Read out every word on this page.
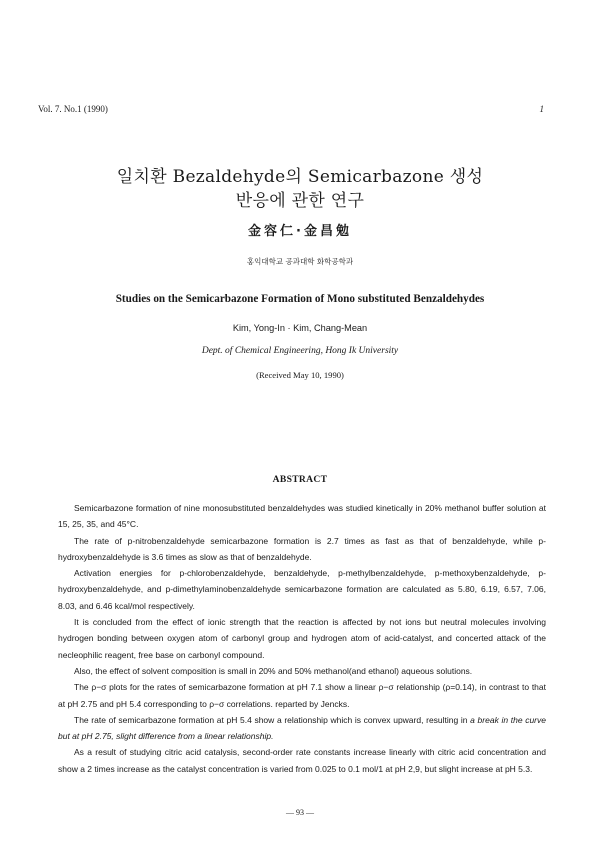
Vol. 7. No.1 (1990)	1
일치환 Bezaldehyde의 Semicarbazone 생성
반응에 관한 연구
金容仁·金昌勉
홍익대학교 공과대학 화학공학과
Studies on the Semicarbazone Formation of Mono substituted Benzaldehydes
Kim, Yong-In · Kim, Chang-Mean
Dept. of Chemical Engineering, Hong Ik University
(Received May 10, 1990)
ABSTRACT

Semicarbazone formation of nine monosubstituted benzaldehydes was studied kinetically in 20% methanol buffer solution at 15, 25, 35, and 45°C.

The rate of p-nitrobenzaldehyde semicarbazone formation is 2.7 times as fast as that of benzaldehyde, while p-hydroxybenzaldehyde is 3.6 times as slow as that of benzaldehyde.

Activation energies for p-chlorobenzaldehyde, benzaldehyde, p-methylbenzaldehyde, p-methoxybenzaldehyde, p-hydroxybenzaldehyde, and p-dimethylaminobenzaldehyde semicarbazone formation are calculated as 5.80, 6.19, 6.57, 7.06, 8.03, and 6.46 kcal/mol respectively.

It is concluded from the effect of ionic strength that the reaction is affected by not ions but neutral molecules involving hydrogen bonding between oxygen atom of carbonyl group and hydrogen atom of acid-catalyst, and concerted attack of the necleophilic reagent, free base on carbonyl compound.

Also, the effect of solvent composition is small in 20% and 50% methanol(and ethanol) aqueous solutions.

The ρ−σ plots for the rates of semicarbazone formation at pH 7.1 show a linear ρ−σ relationship (ρ=0.14), in contrast to that at pH 2.75 and pH 5.4 corresponding to ρ−σ correlations. reparted by Jencks.

The rate of semicarbazone formation at pH 5.4 show a relationship which is convex upward, resulting in a break in the curve but at pH 2.75, slight difference from a linear relationship.

As a result of studying citric acid catalysis, second-order rate constants increase linearly with citric acid concentration and show a 2 times increase as the catalyst concentration is varied from 0.025 to 0.1 mol/1 at pH 2,9, but slight increase at pH 5.3.

— 93 —
